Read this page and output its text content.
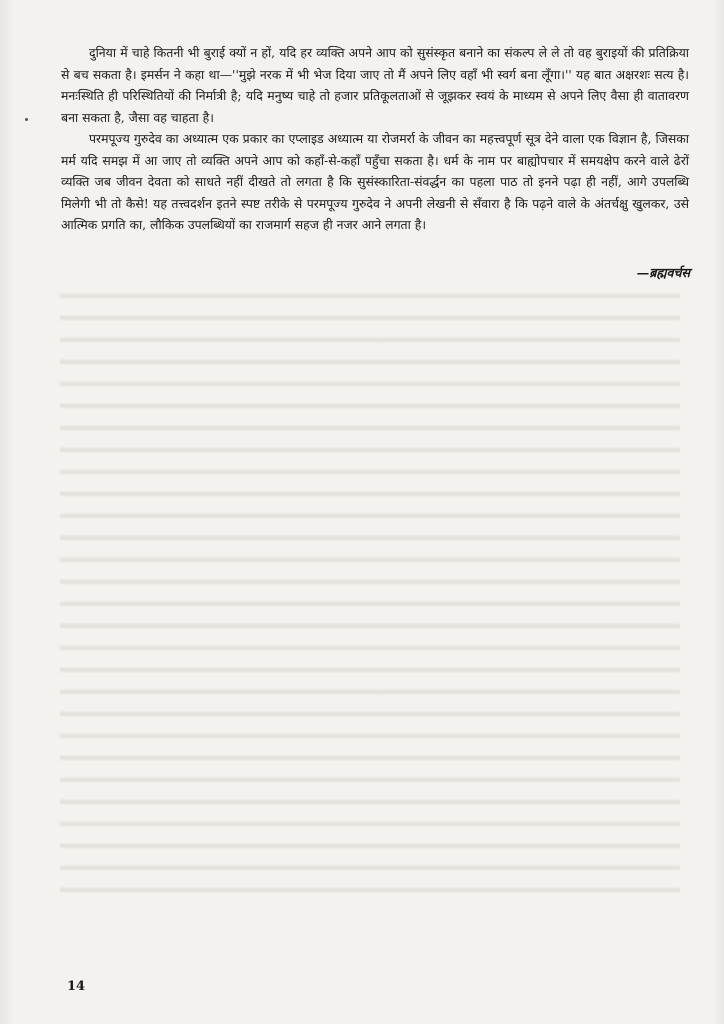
दुनिया में चाहे कितनी भी बुराई क्यों न हों, यदि हर व्यक्ति अपने आप को सुसंस्कृत बनाने का संकल्प ले ले तो वह बुराइयों की प्रतिक्रिया से बच सकता है। इमर्सन ने कहा था—''मुझे नरक में भी भेज दिया जाए तो मैं अपने लिए वहाँ भी स्वर्ग बना लूँगा।'' यह बात अक्षरशः सत्य है। मनःस्थिति ही परिस्थितियों की निर्मात्री है; यदि मनुष्य चाहे तो हजार प्रतिकूलताओं से जूझकर स्वयं के माध्यम से अपने लिए वैसा ही वातावरण बना सकता है, जैसा वह चाहता है।

परमपूज्य गुरुदेव का अध्यात्म एक प्रकार का एप्लाइड अध्यात्म या रोजमर्रा के जीवन का महत्त्वपूर्ण सूत्र देने वाला एक विज्ञान है, जिसका मर्म यदि समझ में आ जाए तो व्यक्ति अपने आप को कहाँ-से-कहाँ पहुँचा सकता है। धर्म के नाम पर बाह्योपचार में समयक्षेप करने वाले ढेरों व्यक्ति जब जीवन देवता को साधते नहीं दीखते तो लगता है कि सुसंस्कारिता-संवर्द्धन का पहला पाठ तो इनने पढ़ा ही नहीं, आगे उपलब्धि मिलेगी भी तो कैसे! यह तत्त्वदर्शन इतने स्पष्ट तरीके से परमपूज्य गुरुदेव ने अपनी लेखनी से सँवारा है कि पढ़ने वाले के अंतर्चक्षु खुलकर, उसे आत्मिक प्रगति का, लौकिक उपलब्धियों का राजमार्ग सहज ही नजर आने लगता है।

—ब्रह्मवर्चस
14
